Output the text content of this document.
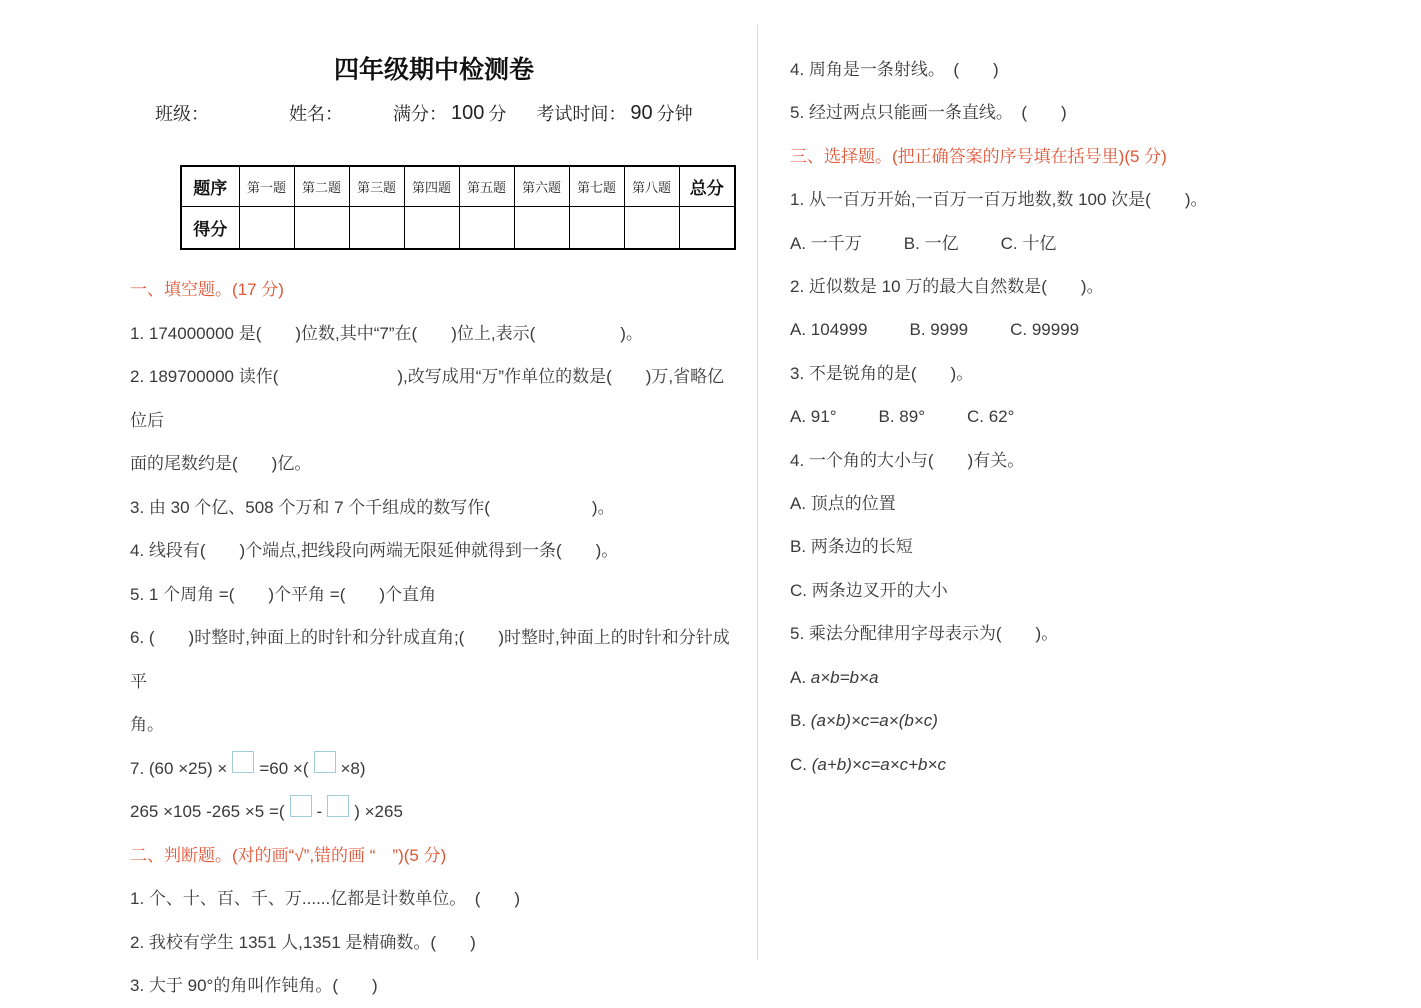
四年级期中检测卷
班级：	姓名：	满分： 100 分 考试时间： 90 分钟
题序	第一题	第二题	第三题	第四题	第五题	第六题	第七题	第八题	总分
得分									

一、填空题。(17 分)

1. 174000000 是(　　)位数,其中“7”在(　　)位上,表示(　　　　　)。

2. 189700000 读作(　　　　　　　),改写成用“万”作单位的数是(　　)万,省略亿位后

面的尾数约是(　　)亿。

3. 由 30 个亿、508 个万和 7 个千组成的数写作(　　　　　　)。

4. 线段有(　　)个端点,把线段向两端无限延伸就得到一条(　　)。

5. 1 个周角 =(　　)个平角 =(　　)个直角

6. (　　)时整时,钟面上的时针和分针成直角;(　　)时整时,钟面上的时针和分针成平

角。

7. (60 ×25) × =60 ×( ×8)

265 ×105 -265 ×5 =( - ) ×265

二、判断题。(对的画“√”,错的画 “　”)(5 分)

1. 个、十、百、千、万......亿都是计数单位。　(　　)

2. 我校有学生 1351 人,1351 是精确数。(　　)

3. 大于 90°的角叫作钝角。(　　)

4. 周角是一条射线。　(　　)

5. 经过两点只能画一条直线。　(　　)

三、选择题。(把正确答案的序号填在括号里)(5 分)

1. 从一百万开始,一百万一百万地数,数 100 次是(　　)。

A. 一千万 B. 一亿 C. 十亿

2. 近似数是 10 万的最大自然数是(　　)。

A. 104999 B. 9999 C. 99999

3. 不是锐角的是(　　)。

A. 91° B. 89° C. 62°

4. 一个角的大小与(　　)有关。

A. 顶点的位置

B. 两条边的长短

C. 两条边叉开的大小

5. 乘法分配律用字母表示为(　　)。

A. a×b=b×a

B. (a×b)×c=a×(b×c)

C. (a+b)×c=a×c+b×c
